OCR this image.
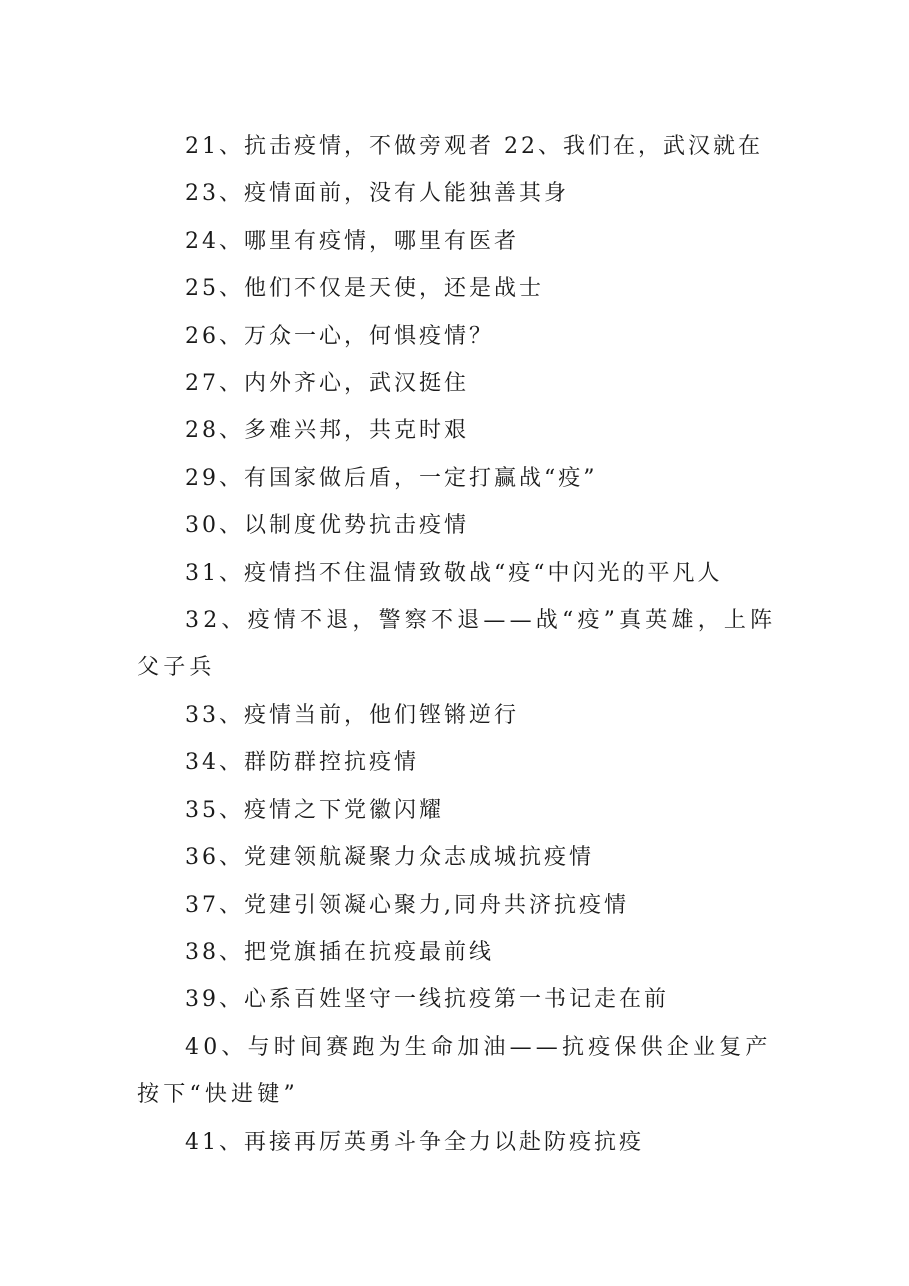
21、抗击疫情，不做旁观者 22、我们在，武汉就在

23、疫情面前，没有人能独善其身

24、哪里有疫情，哪里有医者

25、他们不仅是天使，还是战士

26、万众一心，何惧疫情？

27、内外齐心，武汉挺住

28、多难兴邦，共克时艰

29、有国家做后盾，一定打赢战“疫”

30、以制度优势抗击疫情

31、疫情挡不住温情致敬战“疫“中闪光的平凡人

32、疫情不退，警察不退——战“疫”真英雄，上阵父子兵

33、疫情当前，他们铿锵逆行

34、群防群控抗疫情

35、疫情之下党徽闪耀

36、党建领航凝聚力众志成城抗疫情

37、党建引领凝心聚力,同舟共济抗疫情

38、把党旗插在抗疫最前线

39、心系百姓坚守一线抗疫第一书记走在前

40、与时间赛跑为生命加油——抗疫保供企业复产按下“快进键”

41、再接再厉英勇斗争全力以赴防疫抗疫
